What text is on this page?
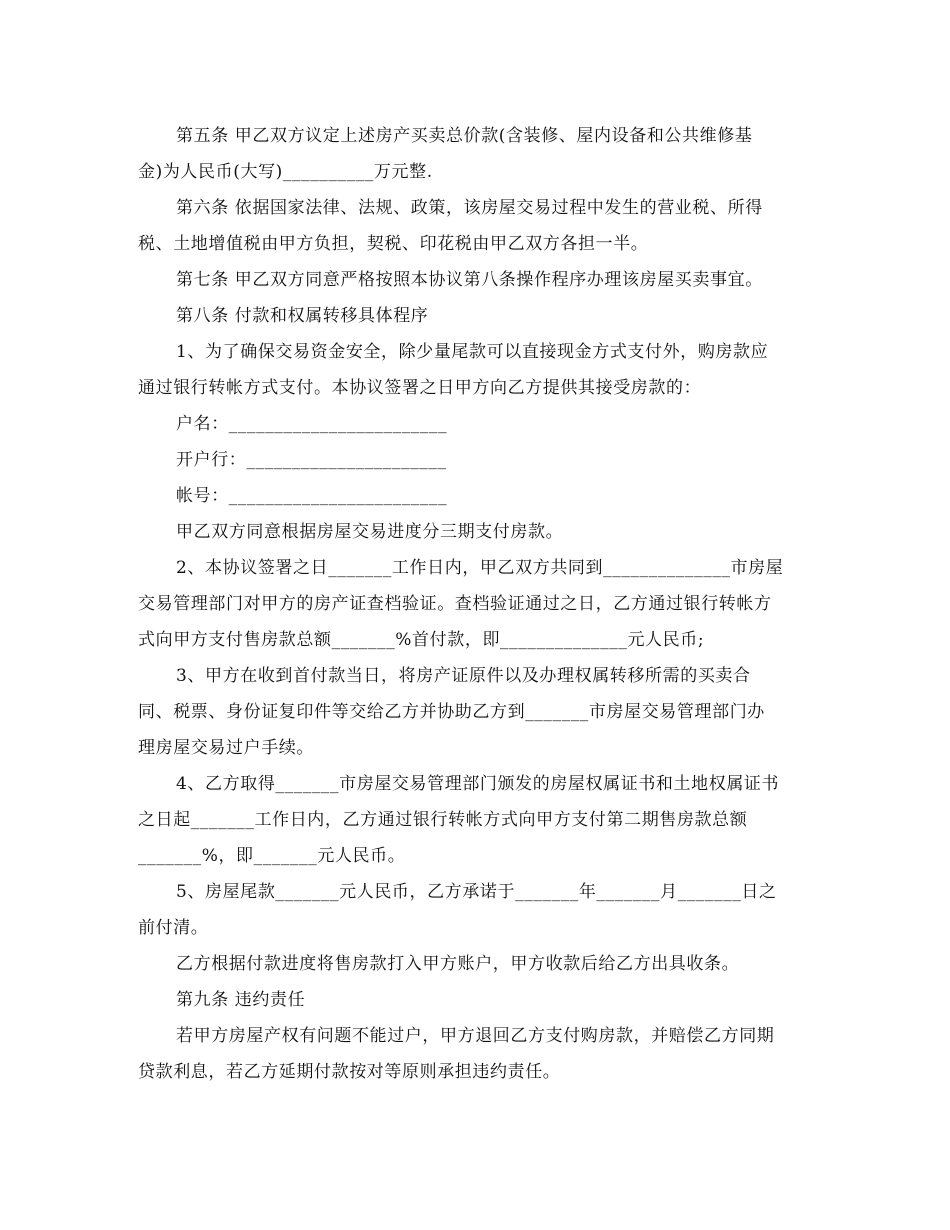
第五条 甲乙双方议定上述房产买卖总价款(含装修、屋内设备和公共维修基
金)为人民币(大写)__________万元整.
第六条 依据国家法律、法规、政策，该房屋交易过程中发生的营业税、所得
税、土地增值税由甲方负担，契税、印花税由甲乙双方各担一半。
第七条 甲乙双方同意严格按照本协议第八条操作程序办理该房屋买卖事宜。
第八条 付款和权属转移具体程序
1、为了确保交易资金安全，除少量尾款可以直接现金方式支付外，购房款应
通过银行转帐方式支付。本协议签署之日甲方向乙方提供其接受房款的：
户名：________________________
开户行：______________________
帐号：________________________
甲乙双方同意根据房屋交易进度分三期支付房款。
2、本协议签署之日_______工作日内，甲乙双方共同到______________市房屋
交易管理部门对甲方的房产证查档验证。查档验证通过之日，乙方通过银行转帐方
式向甲方支付售房款总额_______%首付款，即______________元人民币;
3、甲方在收到首付款当日，将房产证原件以及办理权属转移所需的买卖合
同、税票、身份证复印件等交给乙方并协助乙方到_______市房屋交易管理部门办
理房屋交易过户手续。
4、乙方取得_______市房屋交易管理部门颁发的房屋权属证书和土地权属证书
之日起_______工作日内，乙方通过银行转帐方式向甲方支付第二期售房款总额
_______%，即_______元人民币。
5、房屋尾款_______元人民币，乙方承诺于_______年_______月_______日之
前付清。
乙方根据付款进度将售房款打入甲方账户，甲方收款后给乙方出具收条。
第九条 违约责任
若甲方房屋产权有问题不能过户，甲方退回乙方支付购房款，并赔偿乙方同期
贷款利息，若乙方延期付款按对等原则承担违约责任。
